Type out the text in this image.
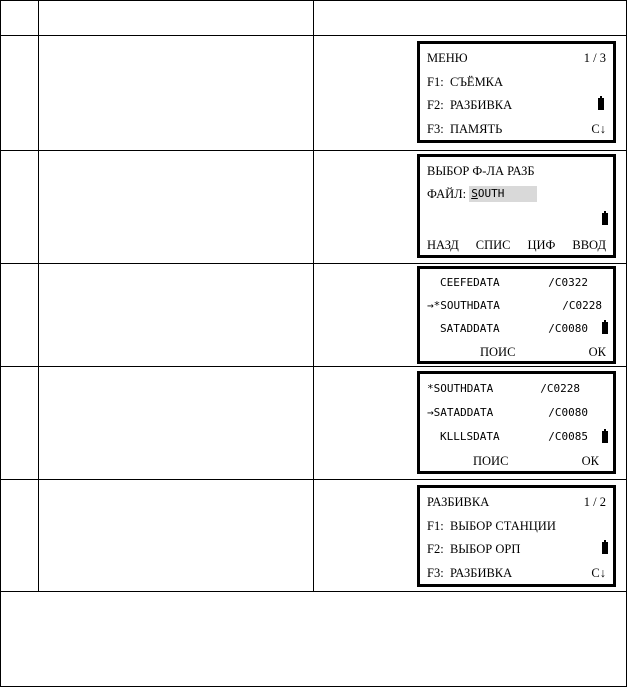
МЕНЮ	1 / 3
F1: СЪЁМКА
F2: РАЗБИВКА
F3: ПАМЯТЬ	С↓
ВЫБОР Ф-ЛА РАЗБ
ФАЙЛ: SOUTH
НАЗД СПИС ЦИФ ВВОД
CEEFEDATA	/C0322
→*SOUTHDATA	/C0228
SATADDATA	/C0080
ПОИС	ОК
*SOUTHDATA	/C0228
→SATADDATA	/C0080
KLLLSDATA	/C0085
ПОИС	ОК
РАЗБИВКА	1 / 2
F1: ВЫБОР СТАНЦИИ
F2: ВЫБОР ОРП
F3: РАЗБИВКА	С↓
